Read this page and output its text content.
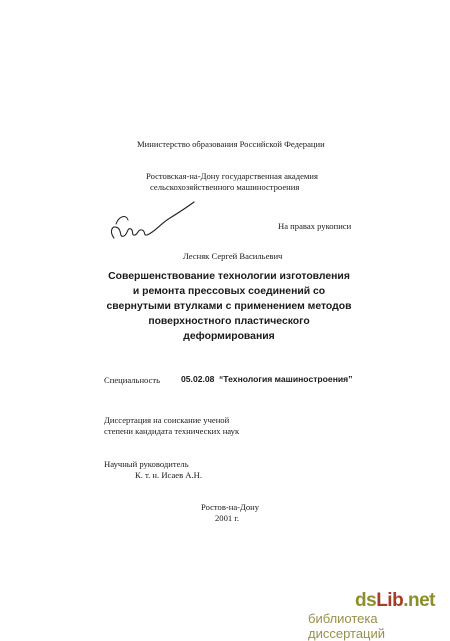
Министерство образования Российской Федерации
Ростовская-на-Дону государственная академия
сельскохозяйственного машиностроения
На правах рукописи
Лесняк Сергей Васильевич
Совершенствование технологии изготовления
и ремонта прессовых соединений со
свернутыми втулками с применением методов
поверхностного пластического
деформирования
Специальность 05.02.08 “Технология машиностроения”
Диссертация на соискание ученой
степени кандидата технических наук
Научный руководитель
К. т. н. Исаев А.Н.
Ростов-на-Дону
2001 г.
dsLib.net
библиотека диссертаций
